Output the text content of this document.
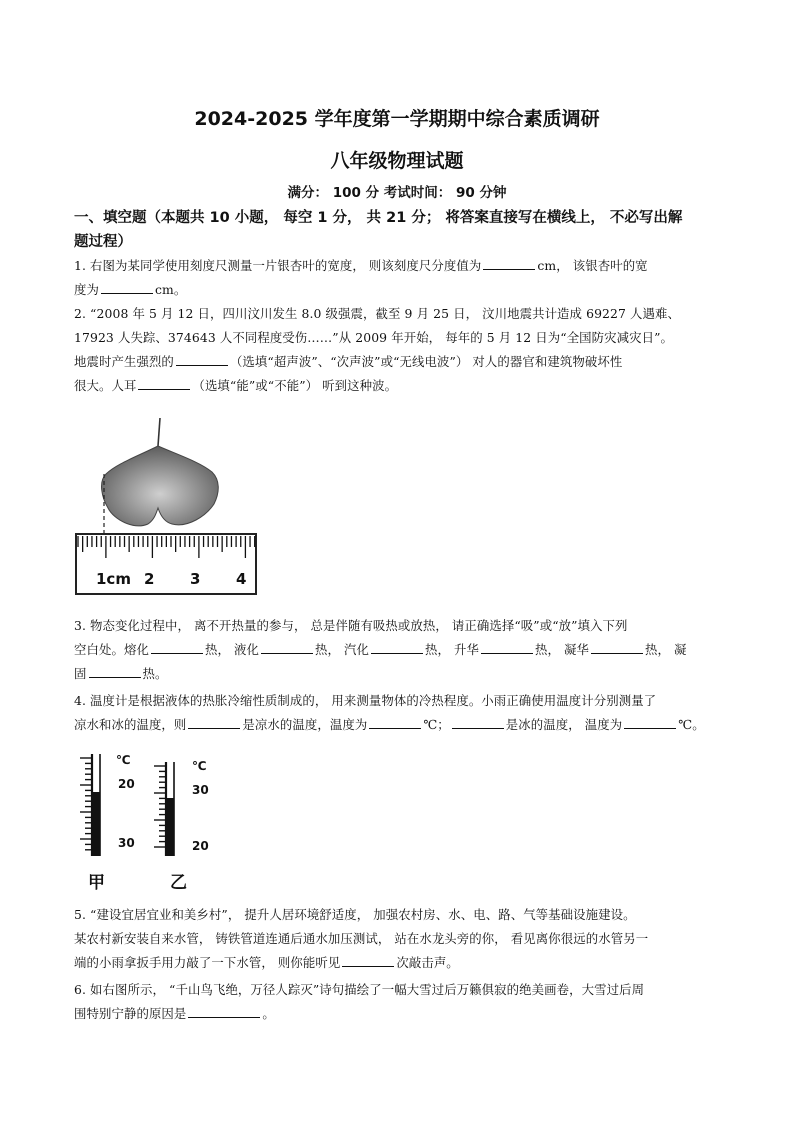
2024-2025 学年度第一学期期中综合素质调研
八年级物理试题
满分： 100 分 考试时间： 90 分钟
一、填空题（本题共 10 小题， 每空 1 分， 共 21 分； 将答案直接写在横线上， 不必写出解
题过程）

1. 右图为某同学使用刻度尺测量一片银杏叶的宽度， 则该刻度尺分度值为	cm， 该银杏叶的宽

度为	cm。

2. “2008 年 5 月 12 日，四川汶川发生 8.0 级强震，截至 9 月 25 日， 汶川地震共计造成 69227 人遇难、

17923 人失踪、374643 人不同程度受伤……”从 2009 年开始， 每年的 5 月 12 日为“全国防灾减灾日”。

地震时产生强烈的	（选填“超声波”、“次声波”或“无线电波”） 对人的器官和建筑物破坏性

很大。人耳	（选填“能”或“不能”） 听到这种波。

1cm 2 3 4

3. 物态变化过程中， 离不开热量的参与， 总是伴随有吸热或放热， 请正确选择“吸”或“放”填入下列

空白处。熔化	热， 液化	热， 汽化	热， 升华	热， 凝华	热， 凝

固	热。

4. 温度计是根据液体的热胀冷缩性质制成的， 用来测量物体的冷热程度。小雨正确使用温度计分别测量了

凉水和冰的温度，则	是凉水的温度，温度为	℃；	是冰的温度， 温度为	℃。

℃
20
30
甲
℃
30
20
乙

5. “建设宜居宜业和美乡村”， 提升人居环境舒适度， 加强农村房、水、电、路、气等基础设施建设。

某农村新安装自来水管， 铸铁管道连通后通水加压测试， 站在水龙头旁的你， 看见离你很远的水管另一

端的小雨拿扳手用力敲了一下水管， 则你能听见	次敲击声。

6. 如右图所示， “千山鸟飞绝，万径人踪灭”诗句描绘了一幅大雪过后万籁俱寂的绝美画卷，大雪过后周

围特别宁静的原因是	。
